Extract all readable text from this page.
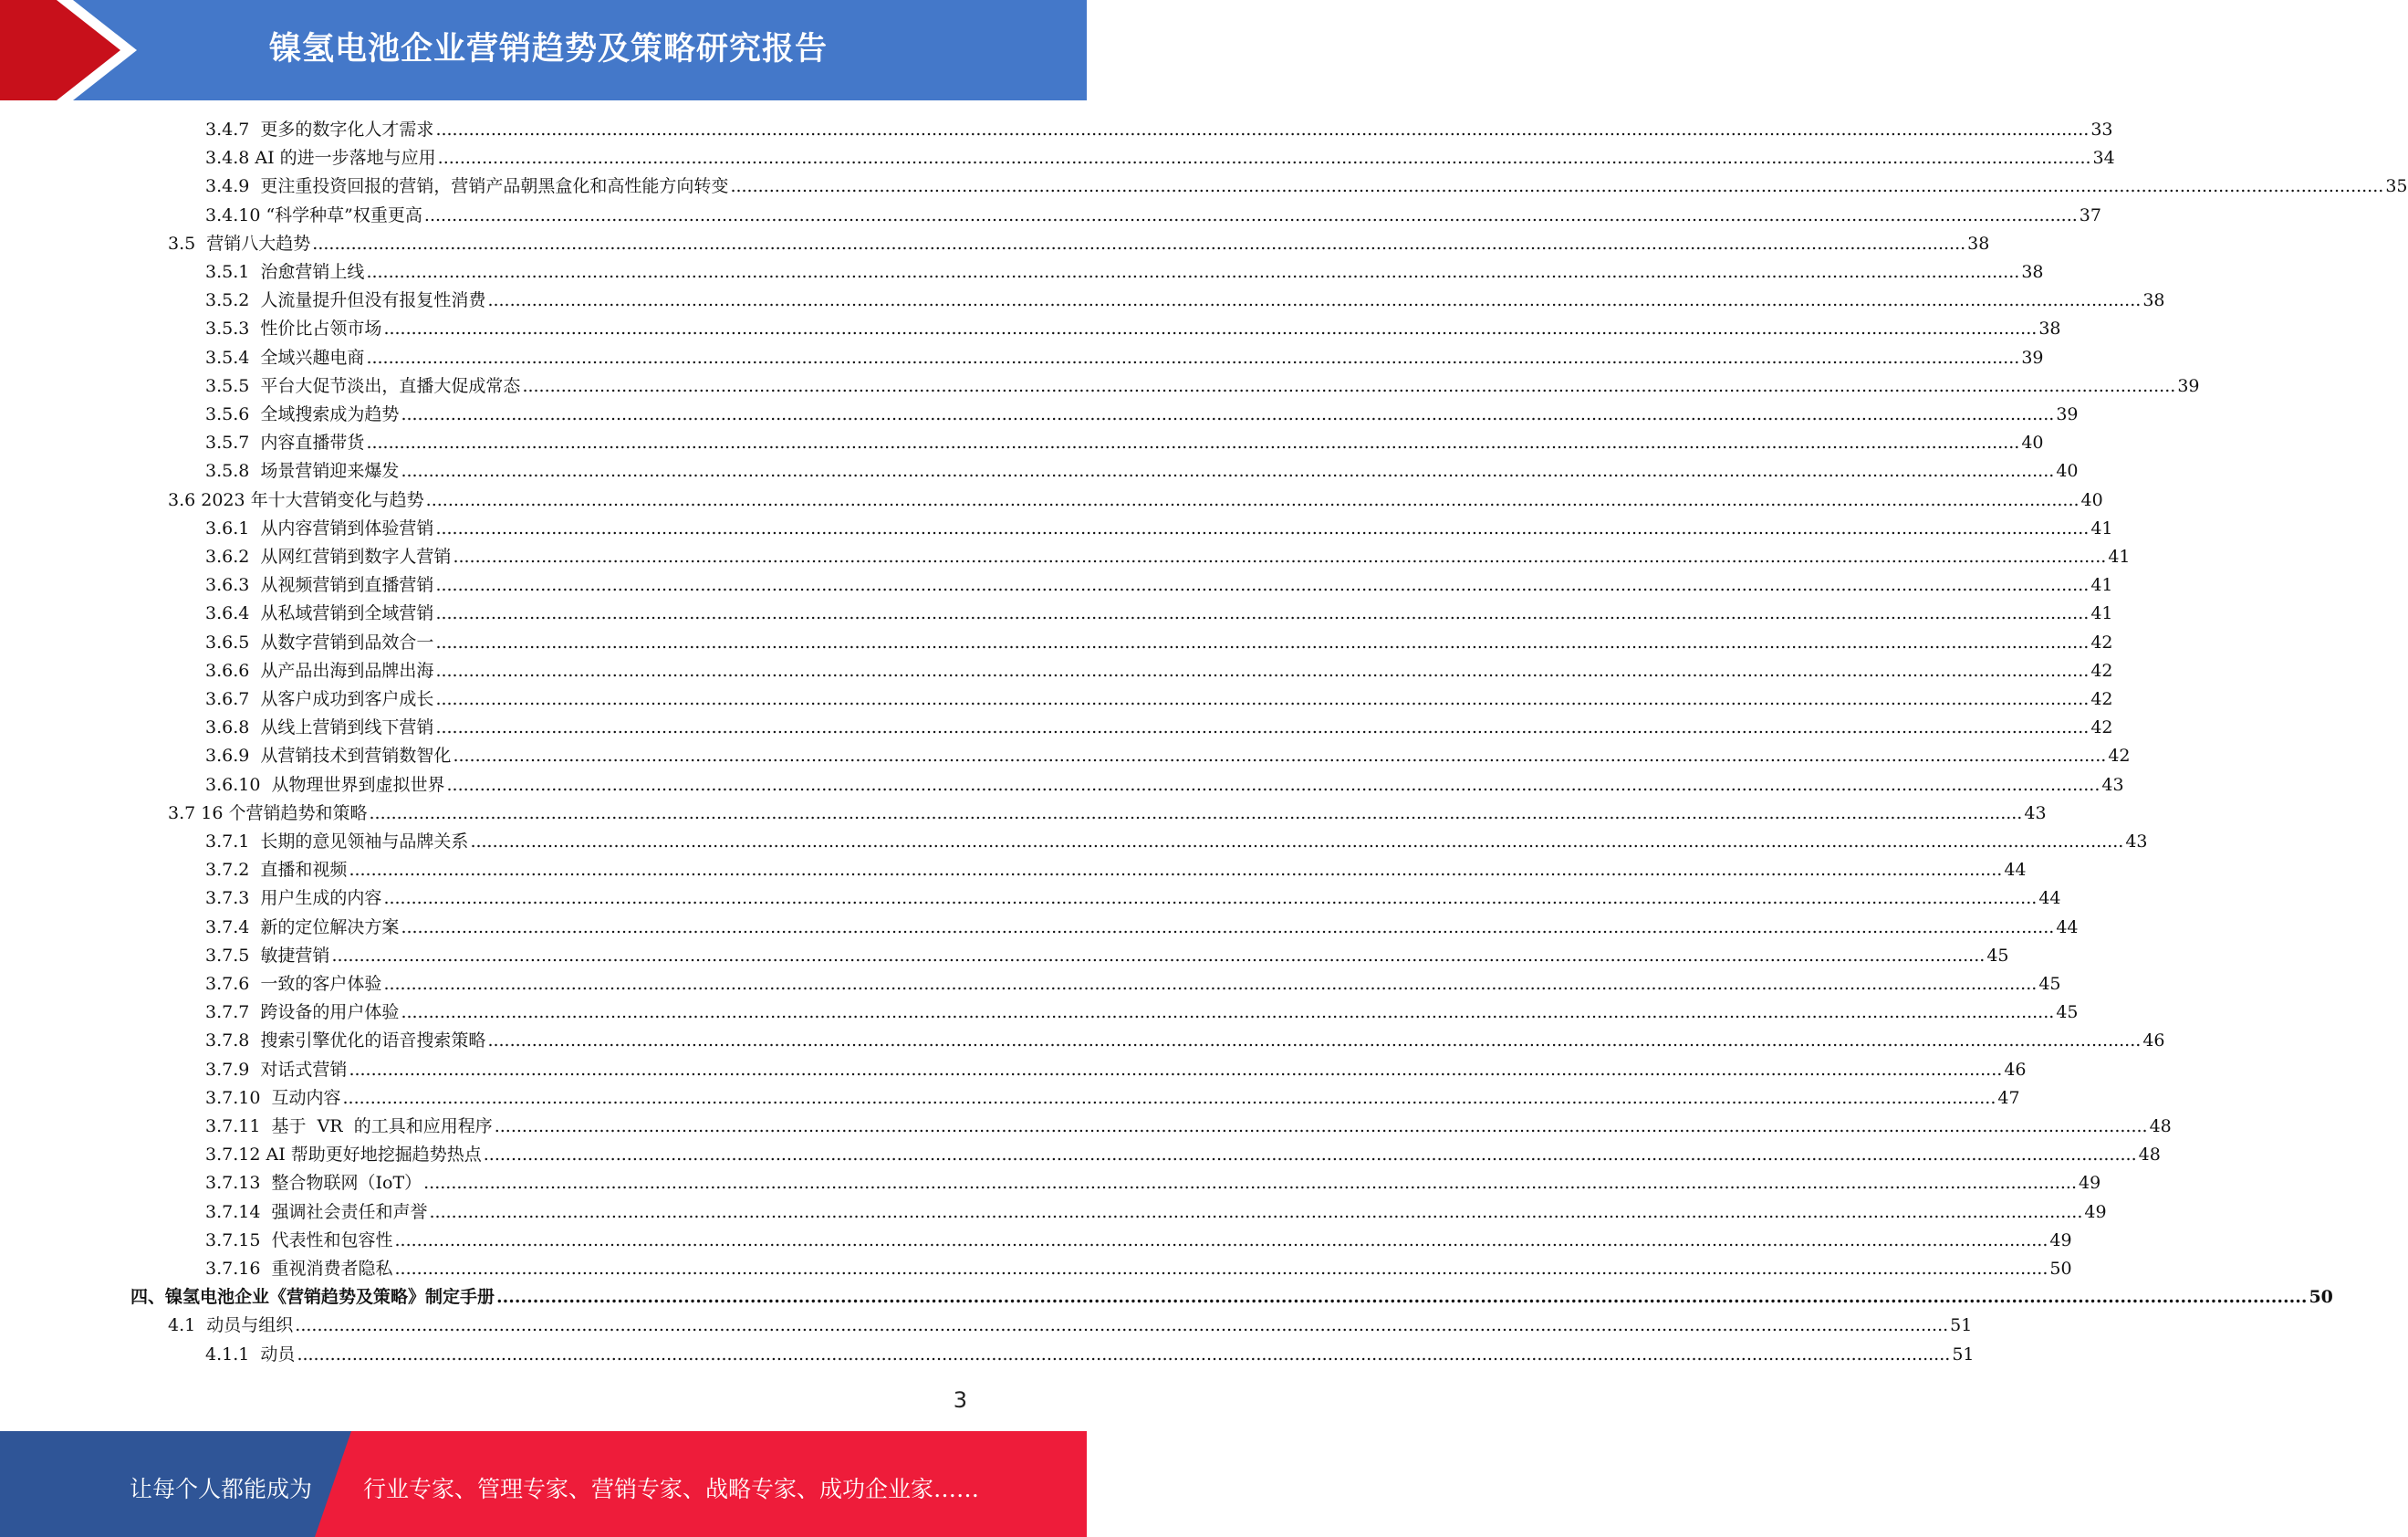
镍氢电池企业营销趋势及策略研究报告
3.4.7  更多的数字化人才需求 ............................................................................................................................................................................................................................................................................................................ 33
3.4.8 AI 的进一步落地与应用 ............................................................................................................................................................................................................................................................................................................ 34
3.4.9  更注重投资回报的营销，营销产品朝黑盒化和高性能方向转变 ............................................................................................................................................................................................................................................................................................................ 35
3.4.10 “科学种草”权重更高 ............................................................................................................................................................................................................................................................................................................ 37
3.5  营销八大趋势 ............................................................................................................................................................................................................................................................................................................ 38
3.5.1  治愈营销上线 ............................................................................................................................................................................................................................................................................................................ 38
3.5.2  人流量提升但没有报复性消费 ............................................................................................................................................................................................................................................................................................................ 38
3.5.3  性价比占领市场 ............................................................................................................................................................................................................................................................................................................ 38
3.5.4  全域兴趣电商 ............................................................................................................................................................................................................................................................................................................ 39
3.5.5  平台大促节淡出，直播大促成常态 ............................................................................................................................................................................................................................................................................................................ 39
3.5.6  全域搜索成为趋势 ............................................................................................................................................................................................................................................................................................................ 39
3.5.7  内容直播带货 ............................................................................................................................................................................................................................................................................................................ 40
3.5.8  场景营销迎来爆发 ............................................................................................................................................................................................................................................................................................................ 40
3.6 2023 年十大营销变化与趋势 ............................................................................................................................................................................................................................................................................................................ 40
3.6.1  从内容营销到体验营销 ............................................................................................................................................................................................................................................................................................................ 41
3.6.2  从网红营销到数字人营销 ............................................................................................................................................................................................................................................................................................................ 41
3.6.3  从视频营销到直播营销 ............................................................................................................................................................................................................................................................................................................ 41
3.6.4  从私域营销到全域营销 ............................................................................................................................................................................................................................................................................................................ 41
3.6.5  从数字营销到品效合一 ............................................................................................................................................................................................................................................................................................................ 42
3.6.6  从产品出海到品牌出海 ............................................................................................................................................................................................................................................................................................................ 42
3.6.7  从客户成功到客户成长 ............................................................................................................................................................................................................................................................................................................ 42
3.6.8  从线上营销到线下营销 ............................................................................................................................................................................................................................................................................................................ 42
3.6.9  从营销技术到营销数智化 ............................................................................................................................................................................................................................................................................................................ 42
3.6.10  从物理世界到虚拟世界 ............................................................................................................................................................................................................................................................................................................ 43
3.7 16 个营销趋势和策略 ............................................................................................................................................................................................................................................................................................................ 43
3.7.1  长期的意见领袖与品牌关系 ............................................................................................................................................................................................................................................................................................................ 43
3.7.2  直播和视频 ............................................................................................................................................................................................................................................................................................................ 44
3.7.3  用户生成的内容 ............................................................................................................................................................................................................................................................................................................ 44
3.7.4  新的定位解决方案 ............................................................................................................................................................................................................................................................................................................ 44
3.7.5  敏捷营销 ............................................................................................................................................................................................................................................................................................................ 45
3.7.6  一致的客户体验 ............................................................................................................................................................................................................................................................................................................ 45
3.7.7  跨设备的用户体验 ............................................................................................................................................................................................................................................................................................................ 45
3.7.8  搜索引擎优化的语音搜索策略 ............................................................................................................................................................................................................................................................................................................ 46
3.7.9  对话式营销 ............................................................................................................................................................................................................................................................................................................ 46
3.7.10  互动内容 ............................................................................................................................................................................................................................................................................................................ 47
3.7.11  基于  VR  的工具和应用程序 ............................................................................................................................................................................................................................................................................................................ 48
3.7.12 AI 帮助更好地挖掘趋势热点 ............................................................................................................................................................................................................................................................................................................ 48
3.7.13  整合物联网（IoT） ............................................................................................................................................................................................................................................................................................................ 49
3.7.14  强调社会责任和声誉 ............................................................................................................................................................................................................................................................................................................ 49
3.7.15  代表性和包容性 ............................................................................................................................................................................................................................................................................................................ 49
3.7.16  重视消费者隐私 ............................................................................................................................................................................................................................................................................................................ 50
四、镍氢电池企业《营销趋势及策略》制定手册 ............................................................................................................................................................................................................................................................................................................ 50
4.1  动员与组织 ............................................................................................................................................................................................................................................................................................................ 51
4.1.1  动员 ............................................................................................................................................................................................................................................................................................................ 51
3
让每个人都能成为 行业专家、管理专家、营销专家、战略专家、成功企业家……
